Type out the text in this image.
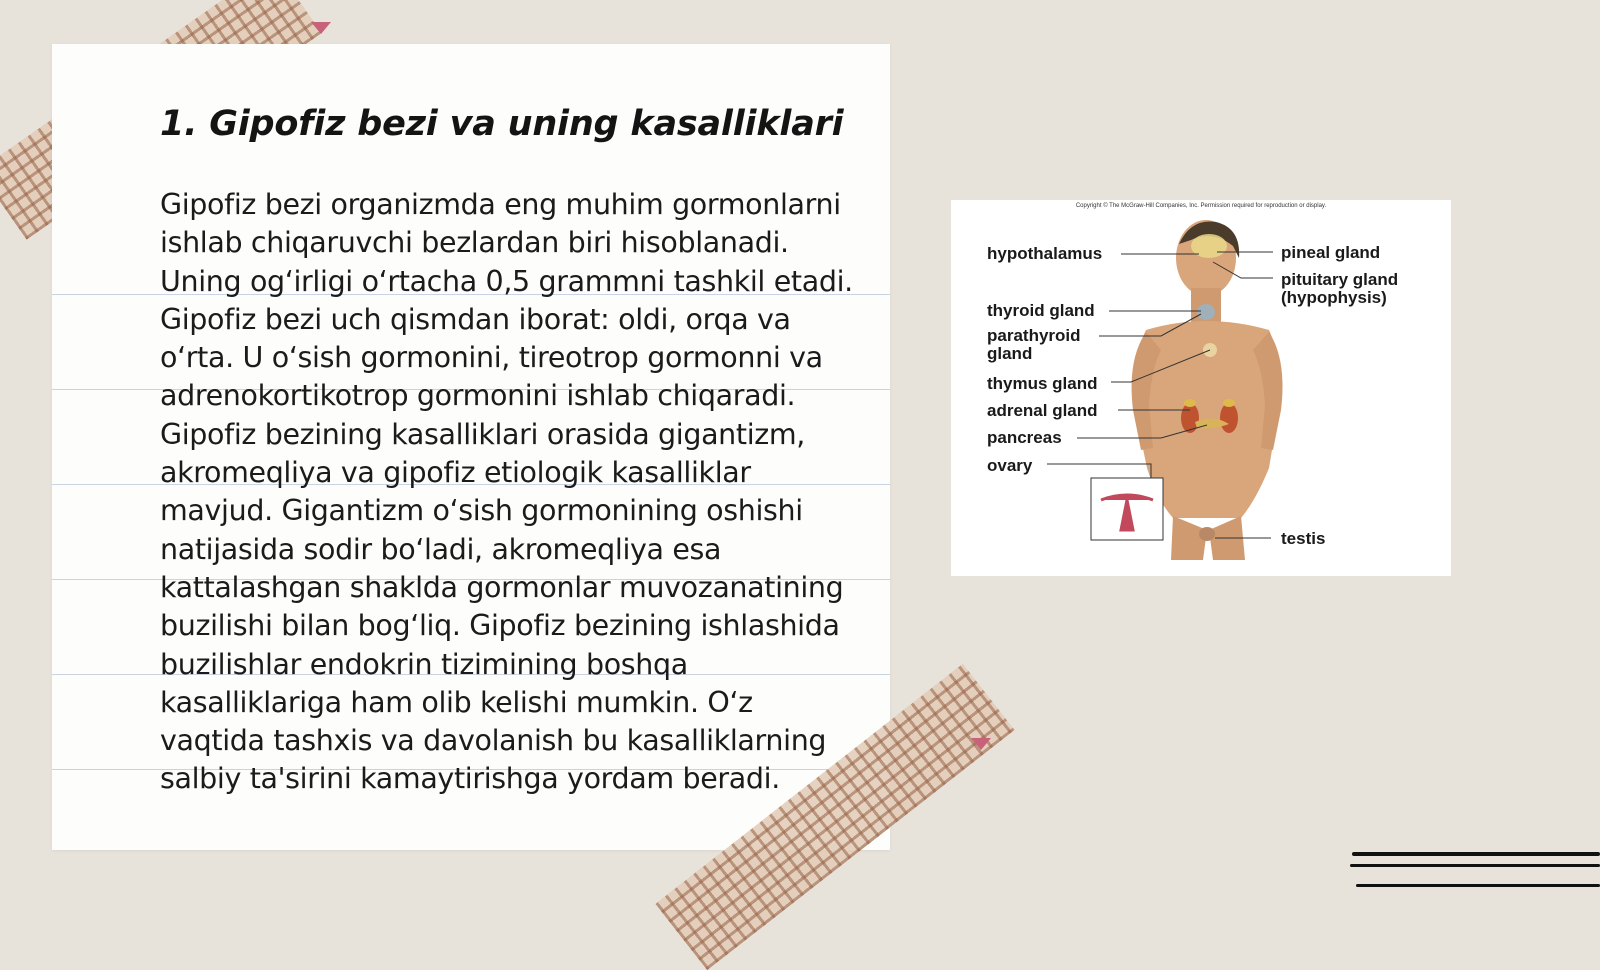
1. Gipofiz bezi va uning kasalliklari

Gipofiz bezi organizmda eng muhim gormonlarni ishlab chiqaruvchi bezlardan biri hisoblanadi. Uning og‘irligi o‘rtacha 0,5 grammni tashkil etadi. Gipofiz bezi uch qismdan iborat: oldi, orqa va o‘rta. U o‘sish gormonini, tireotrop gormonni va adrenokortikotrop gormonini ishlab chiqaradi. Gipofiz bezining kasalliklari orasida gigantizm, akromeqliya va gipofiz etiologik kasalliklar mavjud. Gigantizm o‘sish gormonining oshishi natijasida sodir bo‘ladi, akromeqliya esa kattalashgan shaklda gormonlar muvozanatining buzilishi bilan bog‘liq. Gipofiz bezining ishlashida buzilishlar endokrin tizimining boshqa kasalliklariga ham olib kelishi mumkin. O‘z vaqtida tashxis va davolanish bu kasalliklarning salbiy ta'sirini kamaytirishga yordam beradi.

Copyright © The McGraw-Hill Companies, Inc. Permission required for reproduction or display.
hypothalamus
thyroid gland
parathyroid
gland
thymus gland
adrenal gland
pancreas
ovary
pineal gland
pituitary gland
(hypophysis)
testis
